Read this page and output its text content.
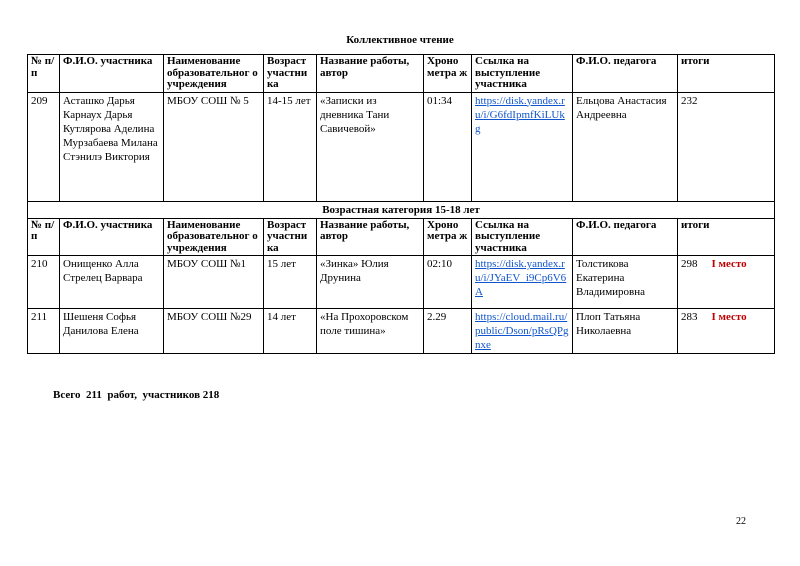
Коллективное чтение
№ п/п	Ф.И.О. участника	Наименование образовательног о учреждения	Возраст участни ка	Название работы, автор	Хроно метра ж	Ссылка на выступление участника	Ф.И.О. педагога	итоги
209	Асташко Дарья Карнаух Дарья Кутлярова Аделина Мурзабаева Милана Стэнилэ Виктория	МБОУ СОШ № 5	14-15 лет	«Записки из дневника Тани Савичевой»	01:34	https://disk.yandex.ru/i/G6fdIpmfKiLUkg	Ельцова Анастасия Андреевна	232
Возрастная категория 15-18 лет								
№ п/п	Ф.И.О. участника	Наименование образовательног о учреждения	Возраст участни ка	Название работы, автор	Хроно метра ж	Ссылка на выступление участника	Ф.И.О. педагога	итоги
210	Онищенко Алла Стрелец Варвара	МБОУ СОШ №1	15 лет	«Зинка» Юлия Друнина	02:10	https://disk.yandex.ru/i/JYaEV_i9Cp6V6A	Толстикова Екатерина Владимировна	298 I место
211	Шешеня Софья Данилова Елена	МБОУ СОШ №29	14 лет	«На Прохоровском поле тишина»	2.29	https://cloud.mail.ru/public/Dson/pRsQPgnxe	Плоп Татьяна Николаевна	283 I место
Всего  211  работ,  участников 218
22
